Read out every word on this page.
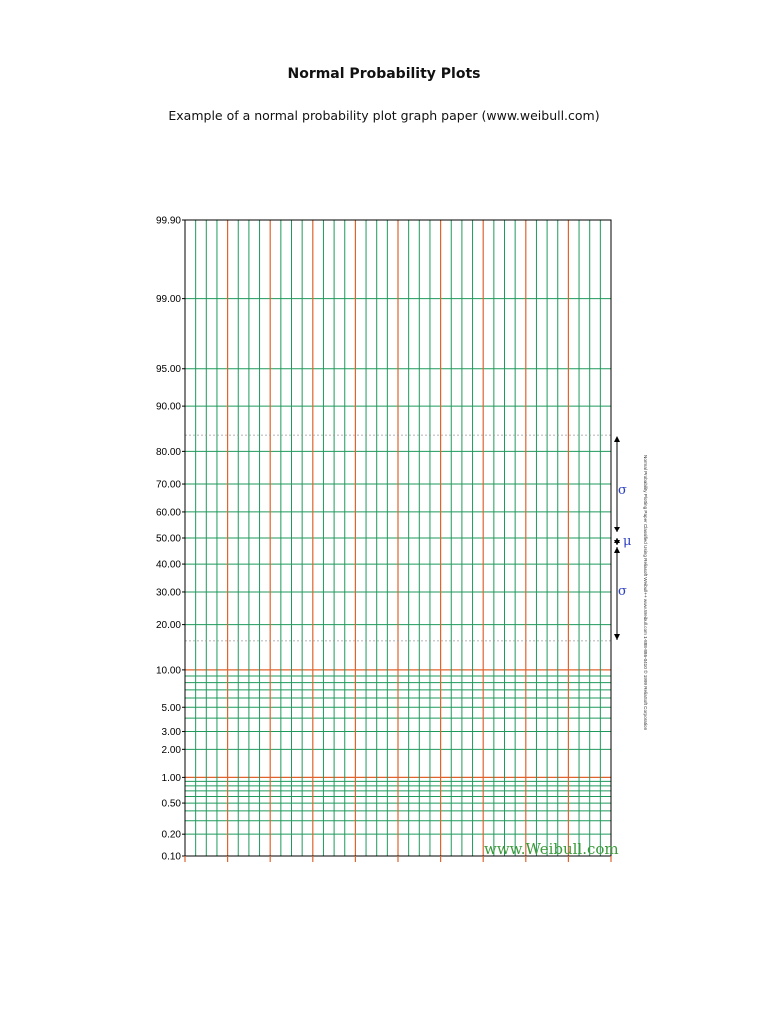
Normal Probability Plots
Example of a normal probability plot graph paper (www.weibull.com)
99.90
99.00
95.00
90.00
80.00
70.00
60.00
50.00
40.00
30.00
20.00
10.00
5.00
3.00
2.00
1.00
0.50
0.20
0.10
σ
μ
σ	Normal Probability Plotting Paper Classified Using Reliasoft Weibull++ www.Weibull.com 1-888-886-0410 © 1999 ReliaSoft Corporation
www.Weibull.com
